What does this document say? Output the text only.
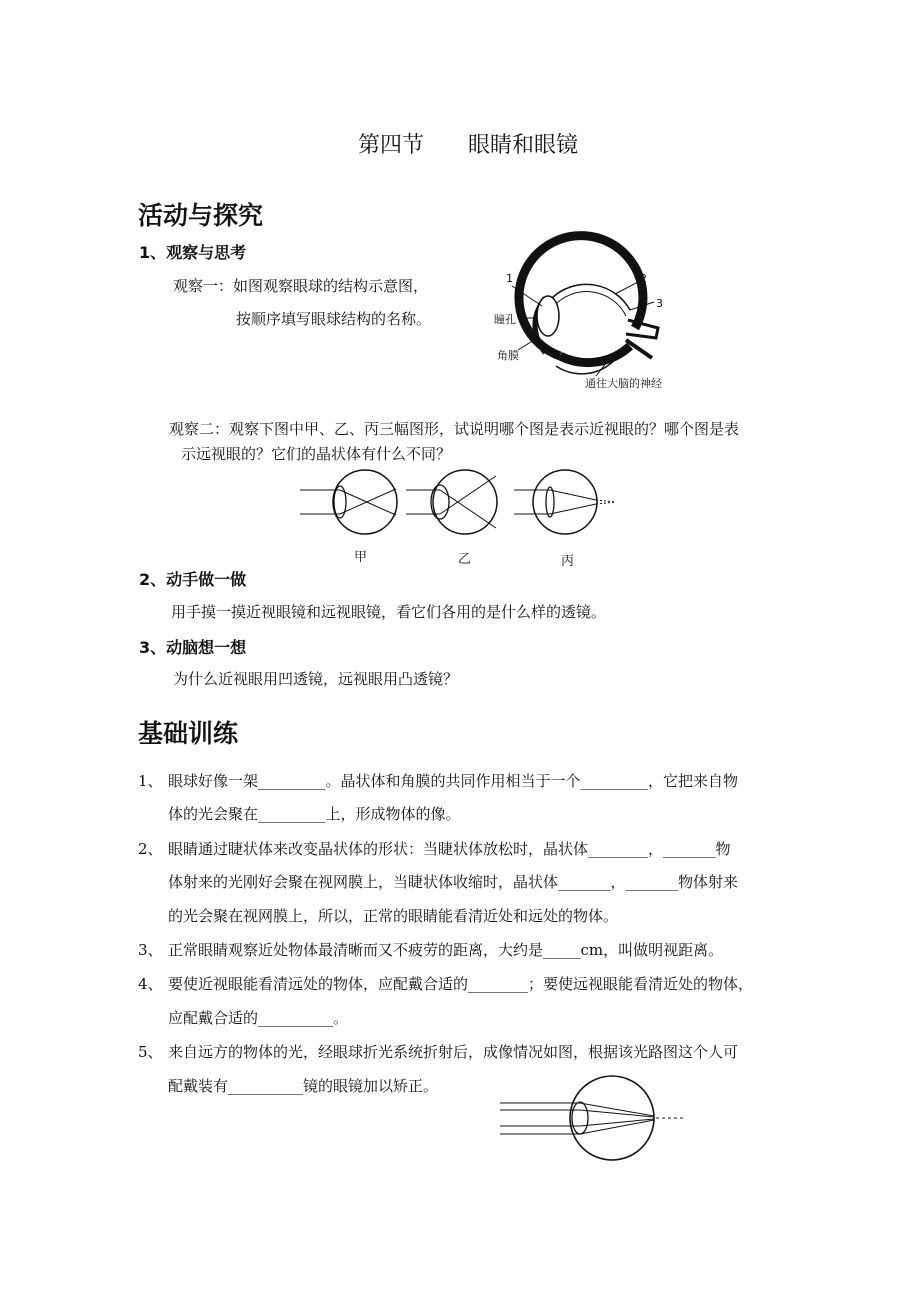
第四节　　眼睛和眼镜
活动与探究
1、观察与思考
观察一：如图观察眼球的结构示意图，
按顺序填写眼球结构的名称。
1	2
3
瞳孔
角膜
通往大脑的神经
观察二：观察下图中甲、乙、丙三幅图形，试说明哪个图是表示近视眼的？哪个图是表
示远视眼的？它们的晶状体有什么不同？
甲	乙	丙
2、动手做一做
用手摸一摸近视眼镜和远视眼镜，看它们各用的是什么样的透镜。
3、动脑想一想
为什么近视眼用凹透镜，远视眼用凸透镜？
基础训练
1、 眼球好像一架_________。晶状体和角膜的共同作用相当于一个_________，它把来自物
体的光会聚在_________上，形成物体的像。
2、 眼睛通过睫状体来改变晶状体的形状：当睫状体放松时，晶状体________，_______物
体射来的光刚好会聚在视网膜上，当睫状体收缩时，晶状体_______，_______物体射来
的光会聚在视网膜上，所以，正常的眼睛能看清近处和远处的物体。
3、 正常眼睛观察近处物体最清晰而又不疲劳的距离，大约是_____cm，叫做明视距离。
4、 要使近视眼能看清远处的物体，应配戴合适的________；要使远视眼能看清近处的物体，
应配戴合适的__________。
5、 来自远方的物体的光，经眼球折光系统折射后，成像情况如图，根据该光路图这个人可
配戴装有__________镜的眼镜加以矫正。
